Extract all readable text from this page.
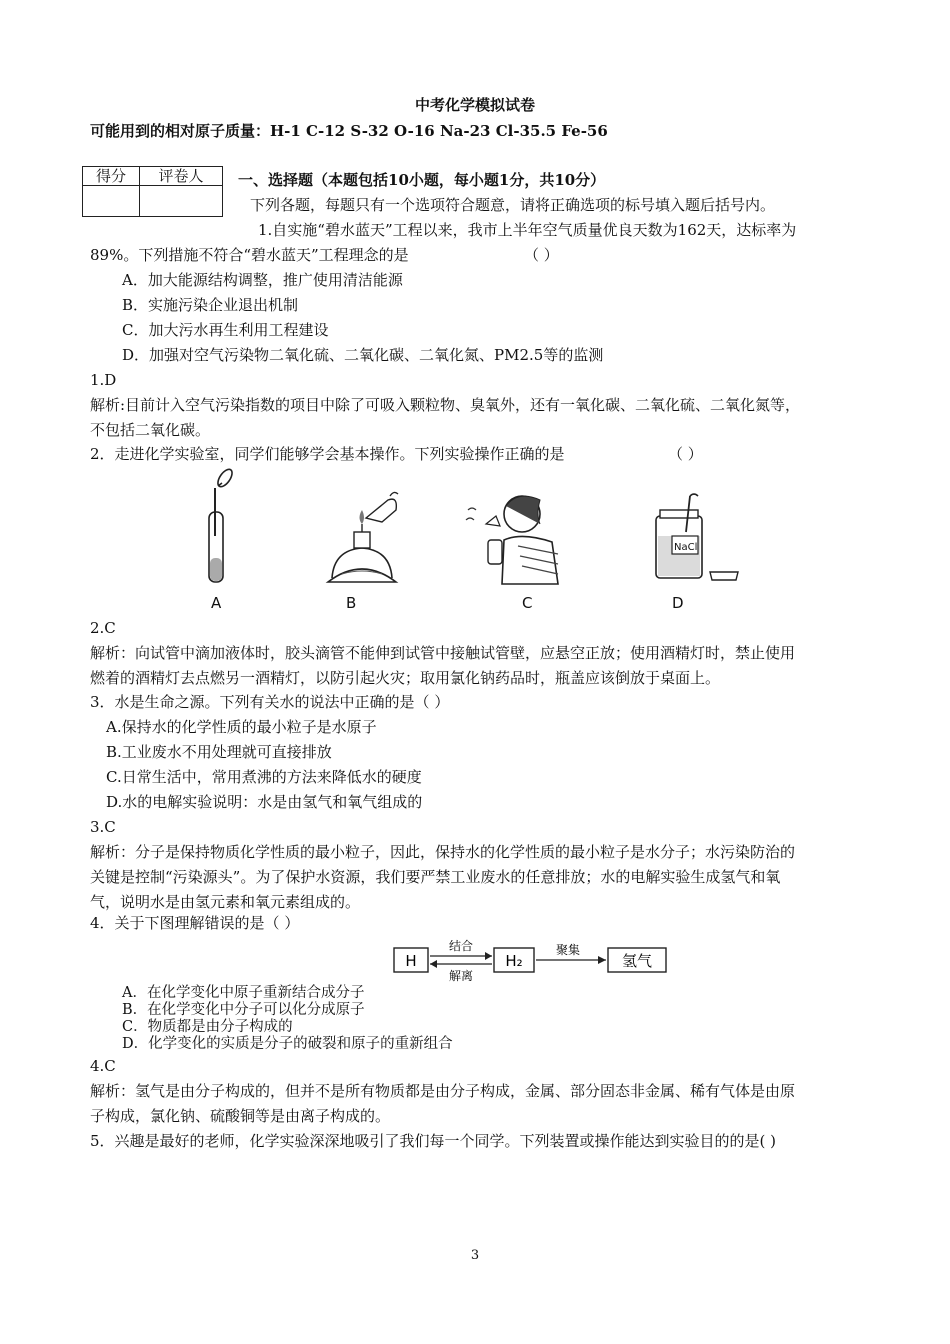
中考化学模拟试卷
可能用到的相对原子质量：H-1 C-12 S-32 O-16 Na-23 Cl-35.5 Fe-56
得分	评卷人
	一、选择题（本题包括10小题，每小题1分，共10分）
下列各题，每题只有一个选项符合题意，请将正确选项的标号填入题后括号内。
1.自实施“碧水蓝天”工程以来，我市上半年空气质量优良天数为162天，达标率为
89%。下列措施不符合“碧水蓝天”工程理念的是	（ ）
A．加大能源结构调整，推广使用清洁能源
B．实施污染企业退出机制
C．加大污水再生利用工程建设
D．加强对空气污染物二氧化硫、二氧化碳、二氧化氮、PM2.5等的监测
1.D
解析:目前计入空气污染指数的项目中除了可吸入颗粒物、臭氧外，还有一氧化碳、二氧化硫、二氧化氮等，
不包括二氧化碳。
2．走进化学实验室，同学们能够学会基本操作。下列实验操作正确的是	（ ）
A	B	C
NaCl
D
2.C
解析：向试管中滴加液体时，胶头滴管不能伸到试管中接触试管壁，应悬空正放；使用酒精灯时，禁止使用
燃着的酒精灯去点燃另一酒精灯，以防引起火灾；取用氯化钠药品时，瓶盖应该倒放于桌面上。
3．水是生命之源。下列有关水的说法中正确的是（ ）
A.保持水的化学性质的最小粒子是水原子
B.工业废水不用处理就可直接排放
C.日常生活中，常用煮沸的方法来降低水的硬度
D.水的电解实验说明：水是由氢气和氧气组成的
3.C
解析：分子是保持物质化学性质的最小粒子，因此，保持水的化学性质的最小粒子是水分子；水污染防治的
关键是控制“污染源头”。为了保护水资源，我们要严禁工业废水的任意排放；水的电解实验生成氢气和氧
气，说明水是由氢元素和氧元素组成的。
4．关于下图理解错误的是（ ）
H
结合
解离
H₂
聚集
氢气
A．在化学变化中原子重新结合成分子
B．在化学变化中分子可以化分成原子
C．物质都是由分子构成的
D．化学变化的实质是分子的破裂和原子的重新组合
4.C
解析：氢气是由分子构成的，但并不是所有物质都是由分子构成，金属、部分固态非金属、稀有气体是由原
子构成，氯化钠、硫酸铜等是由离子构成的。
5．兴趣是最好的老师，化学实验深深地吸引了我们每一个同学。下列装置或操作能达到实验目的的是( )
3
